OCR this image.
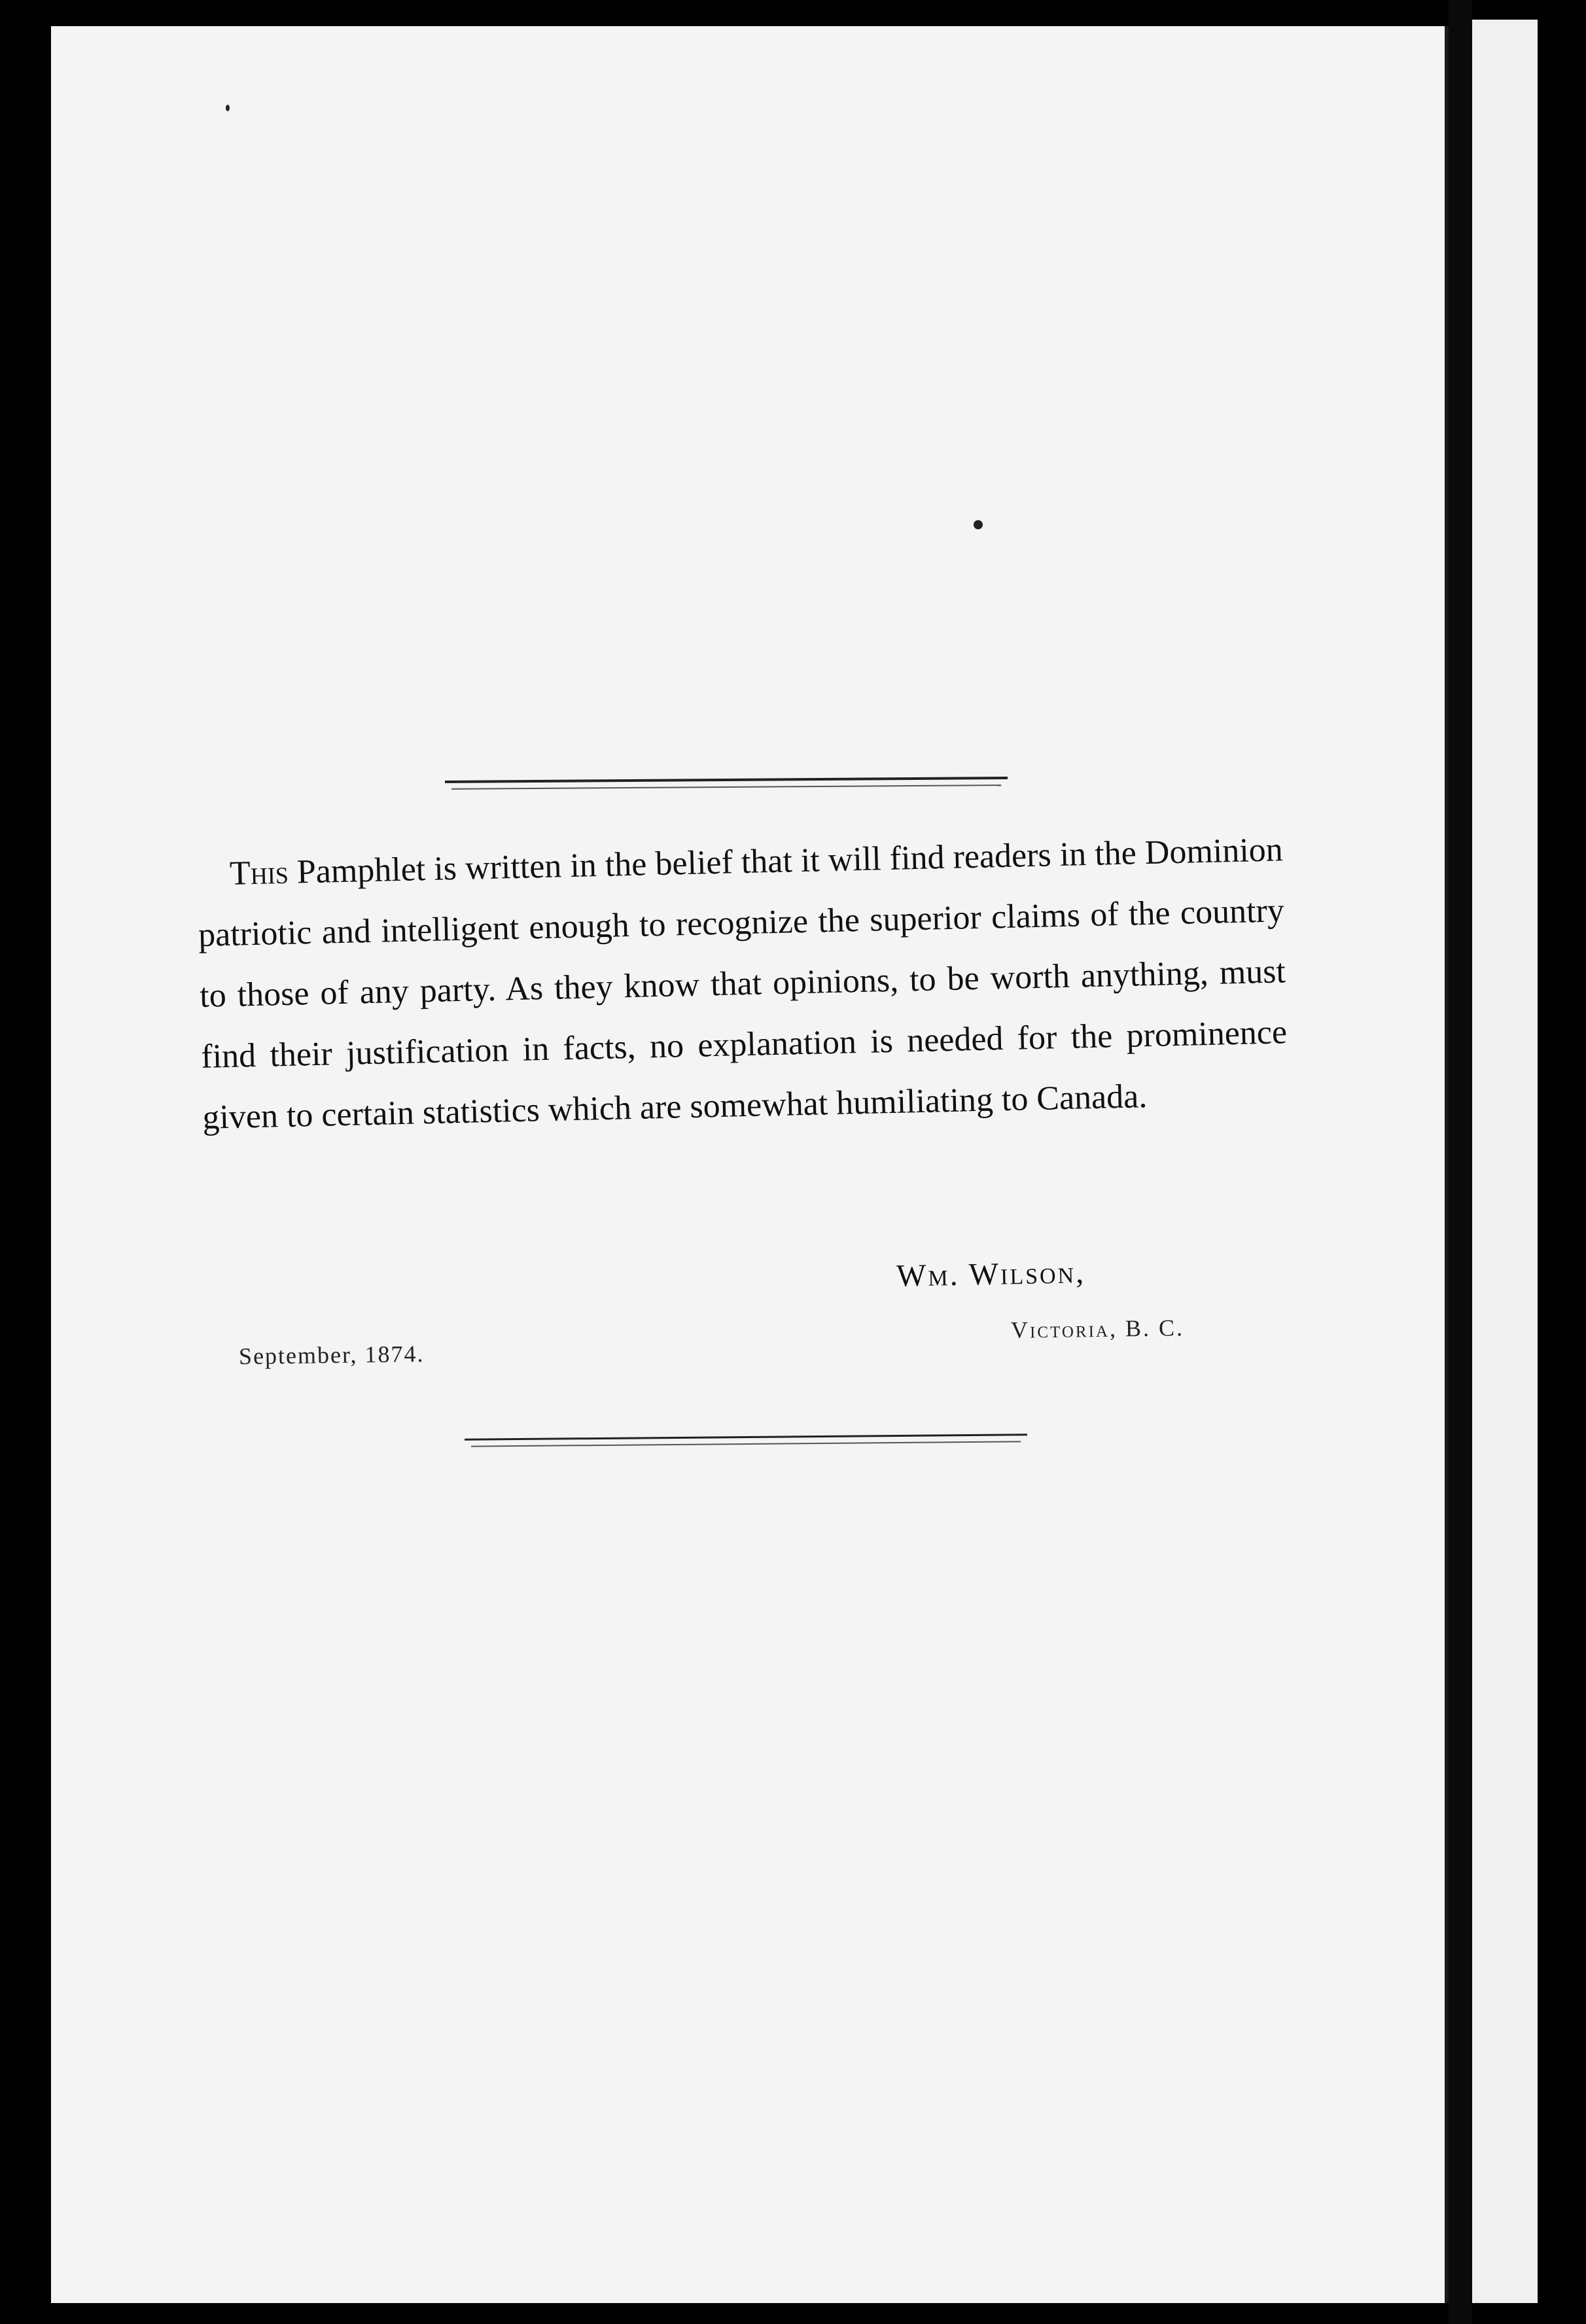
This Pamphlet is written in the belief that it will find readers in the Dominion patriotic and intelligent enough to recognize the superior claims of the country to those of any party. As they know that opinions, to be worth anything, must find their justification in facts, no explanation is needed for the prominence given to certain statistics which are somewhat humiliating to Canada.

Wm. Wilson,
Victoria, B. C.
September, 1874.
